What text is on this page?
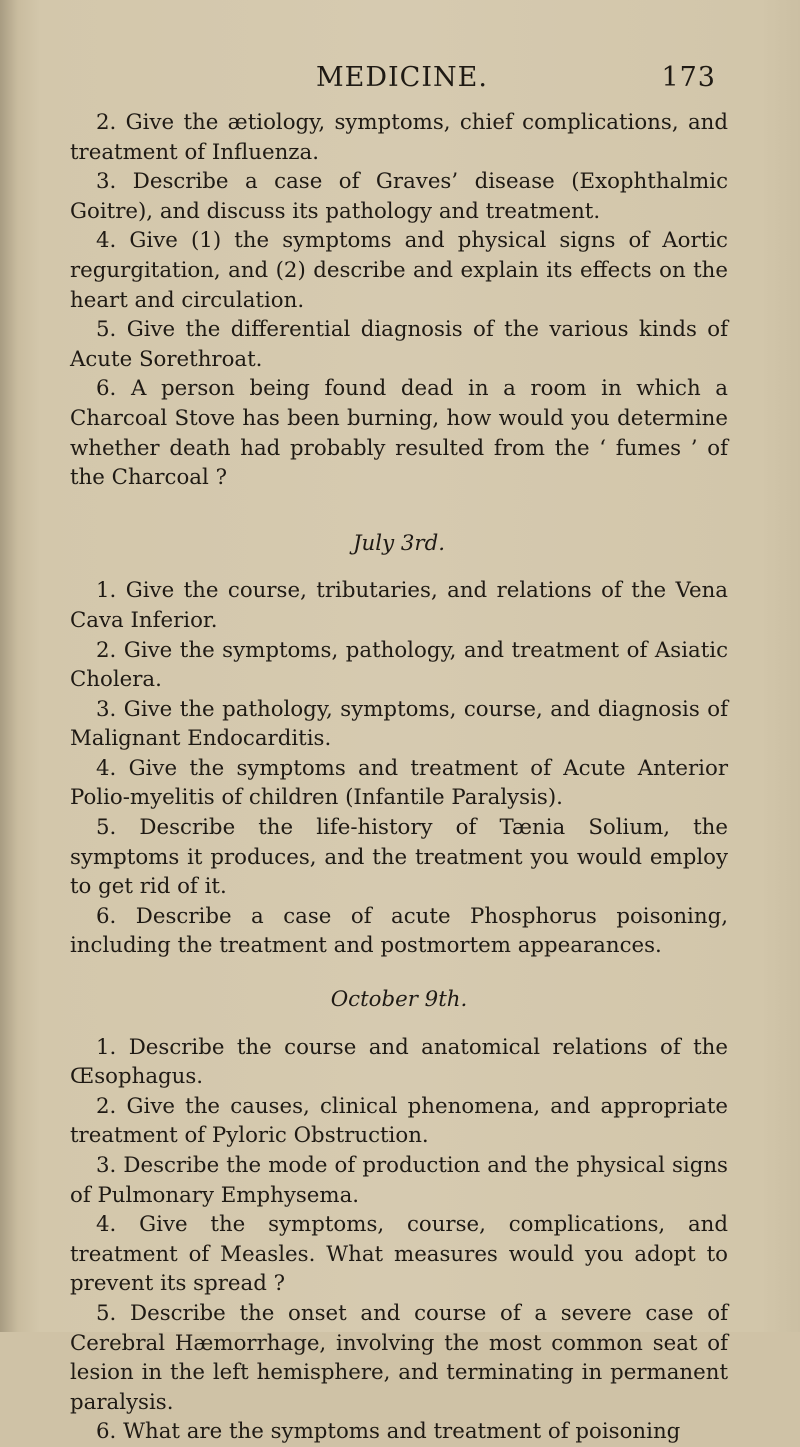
MEDICINE.	173

2. Give the ætiology, symptoms, chief complications, and treatment of Influenza.

3. Describe a case of Graves’ disease (Exophthalmic Goitre), and discuss its pathology and treatment.

4. Give (1) the symptoms and physical signs of Aortic regurgitation, and (2) describe and explain its effects on the heart and circulation.

5. Give the differential diagnosis of the various kinds of Acute Sorethroat.

6. A person being found dead in a room in which a Charcoal Stove has been burning, how would you determine whether death had probably resulted from the ‘ fumes ’ of the Charcoal ?

July 3rd.

1. Give the course, tributaries, and relations of the Vena Cava Inferior.

2. Give the symptoms, pathology, and treatment of Asiatic Cholera.

3. Give the pathology, symptoms, course, and diagnosis of Malignant Endocarditis.

4. Give the symptoms and treatment of Acute Anterior Polio-myelitis of children (Infantile Paralysis).

5. Describe the life-history of Tænia Solium, the symptoms it produces, and the treatment you would employ to get rid of it.

6. Describe a case of acute Phosphorus poisoning, including the treatment and postmortem appearances.

October 9th.

1. Describe the course and anatomical relations of the Œsophagus.

2. Give the causes, clinical phenomena, and appropriate treatment of Pyloric Obstruction.

3. Describe the mode of production and the physical signs of Pulmonary Emphysema.

4. Give the symptoms, course, complications, and treatment of Measles. What measures would you adopt to prevent its spread ?

5. Describe the onset and course of a severe case of Cerebral Hæmorrhage, involving the most common seat of lesion in the left hemisphere, and terminating in permanent paralysis.

6. What are the symptoms and treatment of poisoning
